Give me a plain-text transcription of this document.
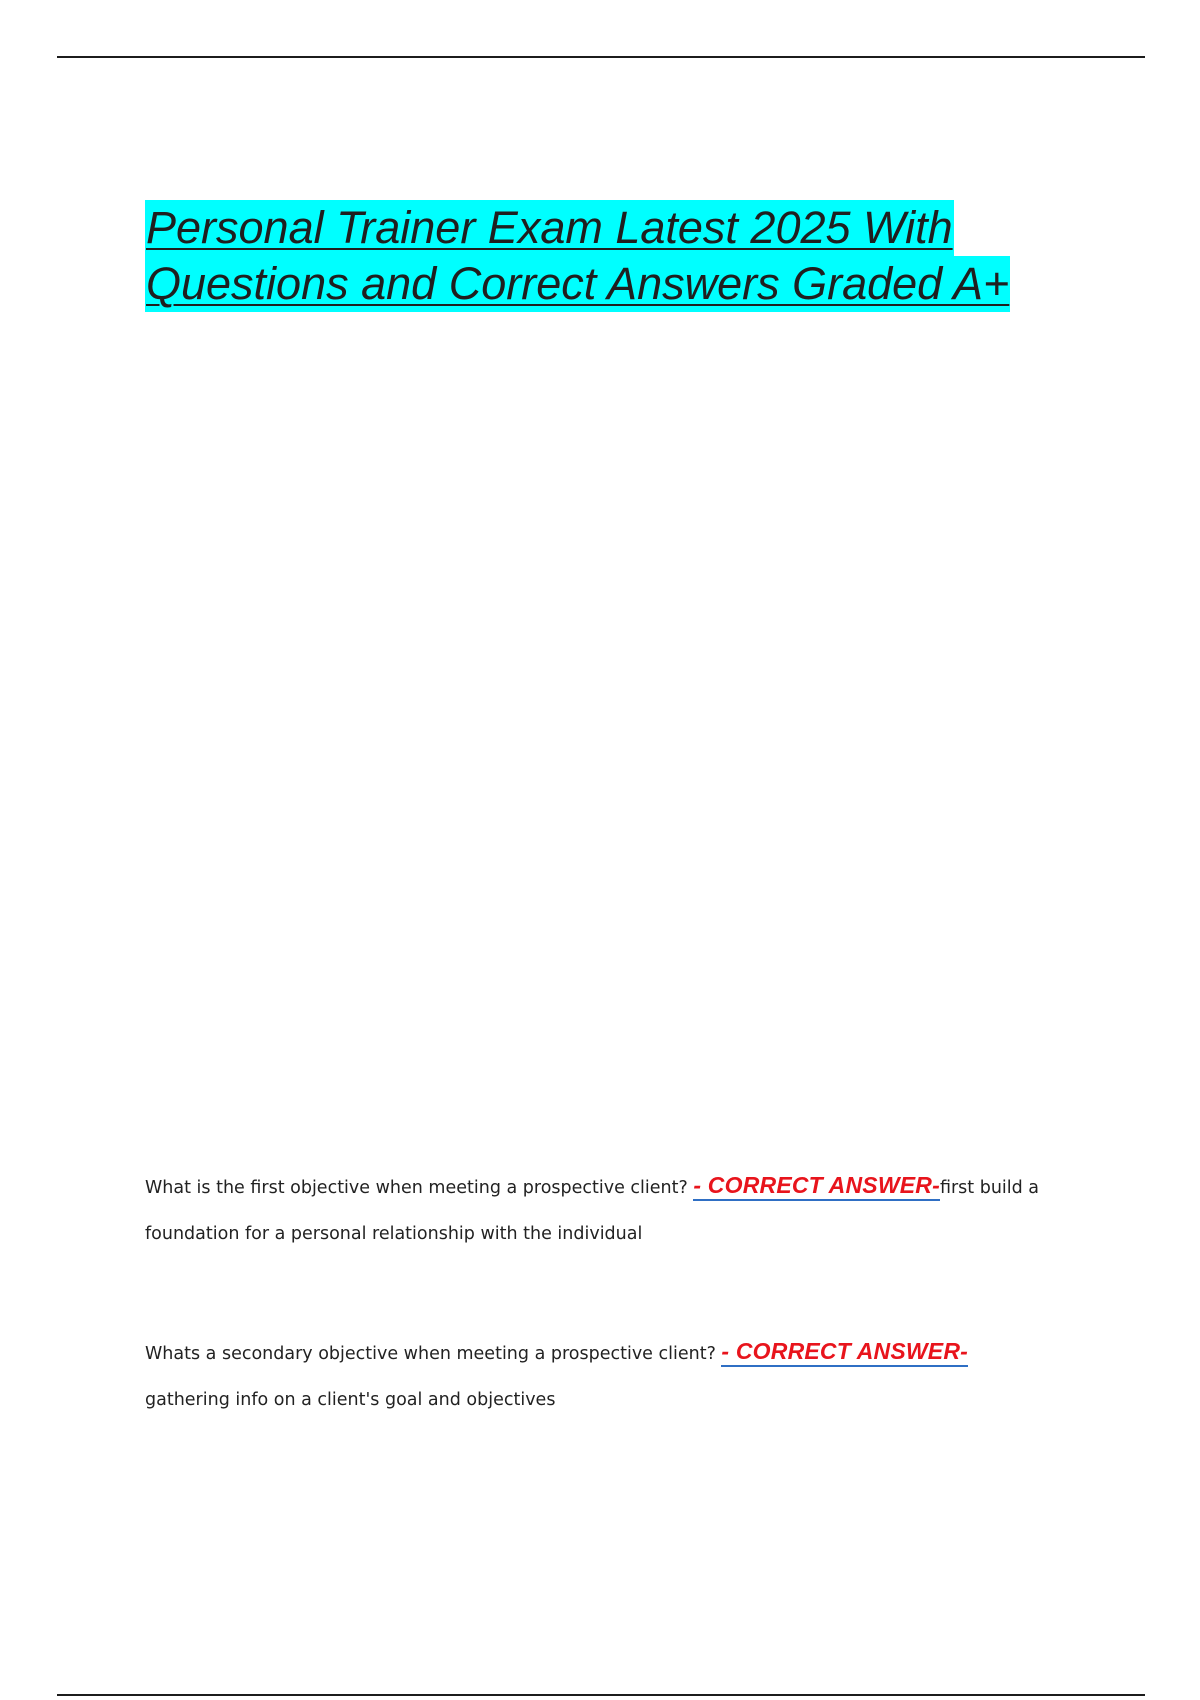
Personal Trainer Exam Latest 2025 With
Questions and Correct Answers Graded A+

What is the first objective when meeting a prospective client? - CORRECT ANSWER-first build a foundation for a personal relationship with the individual

Whats a secondary objective when meeting a prospective client? - CORRECT ANSWER-
gathering info on a client's goal and objectives
